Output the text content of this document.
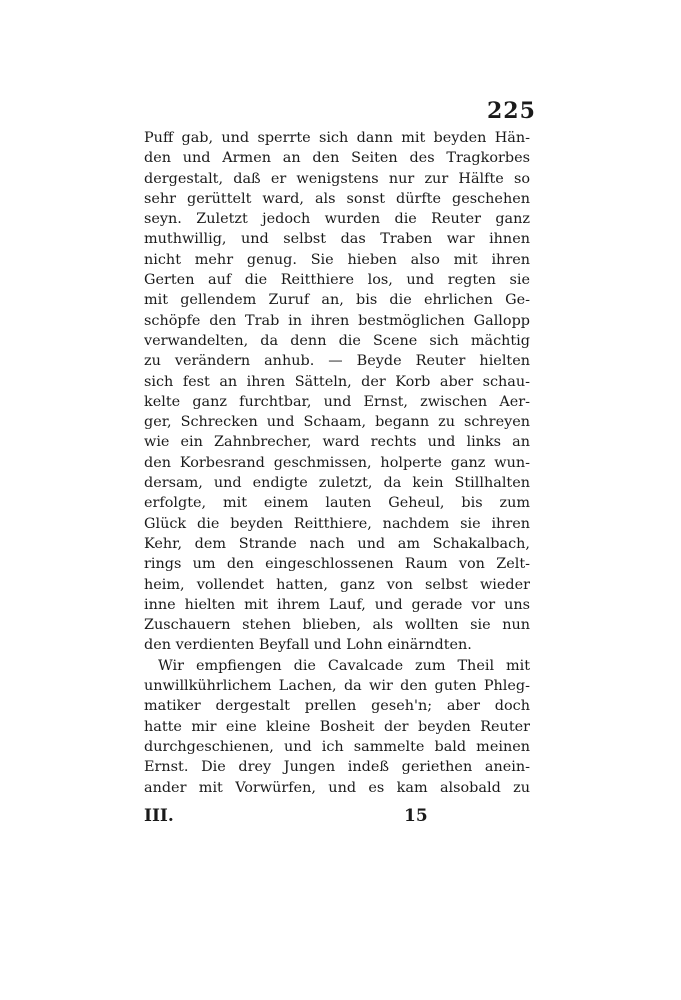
225
Puff gab, und sperrte sich dann mit beyden Hän-
den und Armen an den Seiten des Tragkorbes
dergestalt, daß er wenigstens nur zur Hälfte so
sehr gerüttelt ward, als sonst dürfte geschehen
seyn. Zuletzt jedoch wurden die Reuter ganz
muthwillig, und selbst das Traben war ihnen
nicht mehr genug. Sie hieben also mit ihren
Gerten auf die Reitthiere los, und regten sie
mit gellendem Zuruf an, bis die ehrlichen Ge-
schöpfe den Trab in ihren bestmöglichen Gallopp
verwandelten, da denn die Scene sich mächtig
zu verändern anhub. — Beyde Reuter hielten
sich fest an ihren Sätteln, der Korb aber schau-
kelte ganz furchtbar, und Ernst, zwischen Aer-
ger, Schrecken und Schaam, begann zu schreyen
wie ein Zahnbrecher, ward rechts und links an
den Korbesrand geschmissen, holperte ganz wun-
dersam, und endigte zuletzt, da kein Stillhalten
erfolgte, mit einem lauten Geheul, bis zum
Glück die beyden Reitthiere, nachdem sie ihren
Kehr, dem Strande nach und am Schakalbach,
rings um den eingeschlossenen Raum von Zelt-
heim, vollendet hatten, ganz von selbst wieder
inne hielten mit ihrem Lauf, und gerade vor uns
Zuschauern stehen blieben, als wollten sie nun
den verdienten Beyfall und Lohn einärndten.
Wir empfiengen die Cavalcade zum Theil mit
unwillkührlichem Lachen, da wir den guten Phleg-
matiker dergestalt prellen geseh'n; aber doch
hatte mir eine kleine Bosheit der beyden Reuter
durchgeschienen, und ich sammelte bald meinen
Ernst. Die drey Jungen indeß geriethen anein-
ander mit Vorwürfen, und es kam alsobald zu
III.	15
